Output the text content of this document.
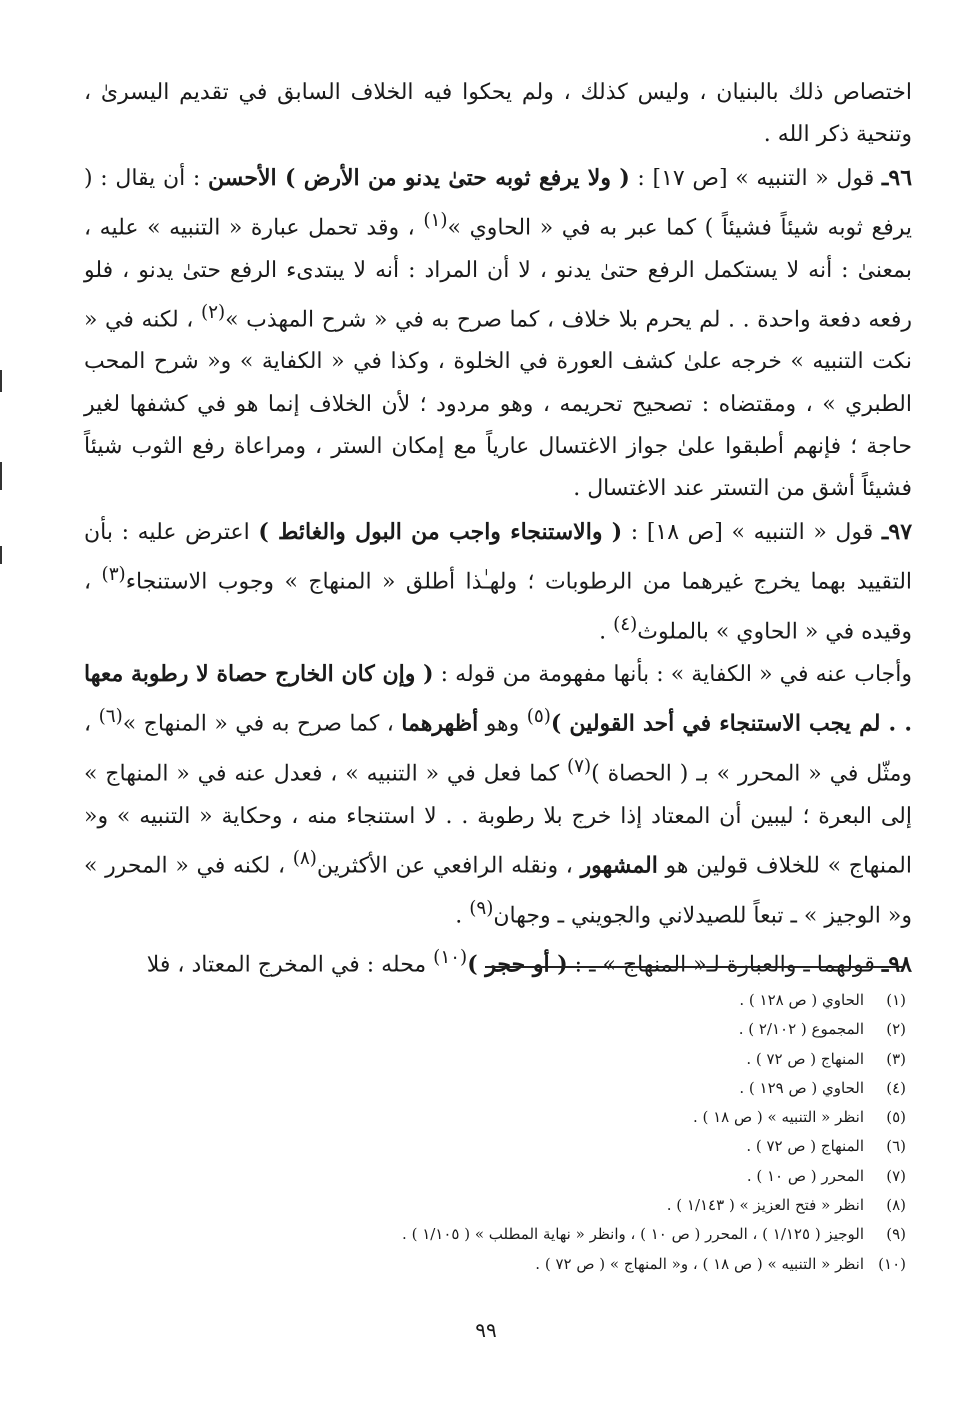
اختصاص ذلك بالبنيان ، وليس كذلك ، ولم يحكوا فيه الخلاف السابق في تقديم اليسرىٰ ، وتنحية ذكر الله .

٩٦ـ قول « التنبيه » [ص ١٧] : ( ولا يرفع ثوبه حتىٰ يدنو من الأرض ) الأحسن : أن يقال : ( يرفع ثوبه شيئاً فشيئاً ) كما عبر به في « الحاوي »$^{(١)}$ ، وقد تحمل عبارة « التنبيه » عليه ، بمعنىٰ : أنه لا يستكمل الرفع حتىٰ يدنو ، لا أن المراد : أنه لا يبتدىء الرفع حتىٰ يدنو ، فلو رفعه دفعة واحدة . . لم يحرم بلا خلاف ، كما صرح به في « شرح المهذب »$^{(٢)}$ ، لكنه في « نكت التنبيه » خرجه علىٰ كشف العورة في الخلوة ، وكذا في « الكفاية » و« شرح المحب الطبري » ، ومقتضاه : تصحيح تحريمه ، وهو مردود ؛ لأن الخلاف إنما هو في كشفها لغير حاجة ؛ فإنهم أطبقوا علىٰ جواز الاغتسال عارياً مع إمكان الستر ، ومراعاة رفع الثوب شيئاً فشيئاً أشق من التستر عند الاغتسال .

٩٧ـ قول « التنبيه » [ص ١٨] : ( والاستنجاء واجب من البول والغائط ) اعترض عليه : بأن التقييد بهما يخرج غيرهما من الرطوبات ؛ ولهـٰذا أطلق « المنهاج » وجوب الاستنجاء$^{(٣)}$ ، وقيده في « الحاوي » بالملوث$^{(٤)}$ .

وأجاب عنه في « الكفاية » : بأنها مفهومة من قوله : ( وإن كان الخارج حصاة لا رطوبة معها . . لم يجب الاستنجاء في أحد القولين )$^{(٥)}$ وهو أظهرهما ، كما صرح به في « المنهاج »$^{(٦)}$ ، ومثّل في « المحرر » بـ ( الحصاة )$^{(٧)}$ كما فعل في « التنبيه » ، فعدل عنه في « المنهاج » إلى البعرة ؛ ليبين أن المعتاد إذا خرج بلا رطوبة . . لا استنجاء منه ، وحكاية « التنبيه » و« المنهاج » للخلاف قولين هو المشهور ، ونقله الرافعي عن الأكثرين$^{(٨)}$ ، لكنه في « المحرر » و« الوجيز » ـ تبعاً للصيدلاني والجويني ـ وجهان$^{(٩)}$ .

٩٨ـ قولهما ـ والعبارة لـ« المنهاج » ـ : ( أو حجر )$^{(١٠)}$ محله : في المخرج المعتاد ، فلا

(١)
الحاوي ( ص ١٢٨ ) .
(٢)
المجموع ( ٢/١٠٢ ) .
(٣)
المنهاج ( ص ٧٢ ) .
(٤)
الحاوي ( ص ١٢٩ ) .
(٥)
انظر « التنبيه » ( ص ١٨ ) .
(٦)
المنهاج ( ص ٧٢ ) .
(٧)
المحرر ( ص ١٠ ) .
(٨)
انظر « فتح العزيز » ( ١/١٤٣ ) .
(٩)
الوجيز ( ١/١٢٥ ) ، المحرر ( ص ١٠ ) ، وانظر « نهاية المطلب » ( ١/١٠٥ ) .
(١٠)
انظر « التنبيه » ( ص ١٨ ) ، و« المنهاج » ( ص ٧٢ ) .
٩٩
